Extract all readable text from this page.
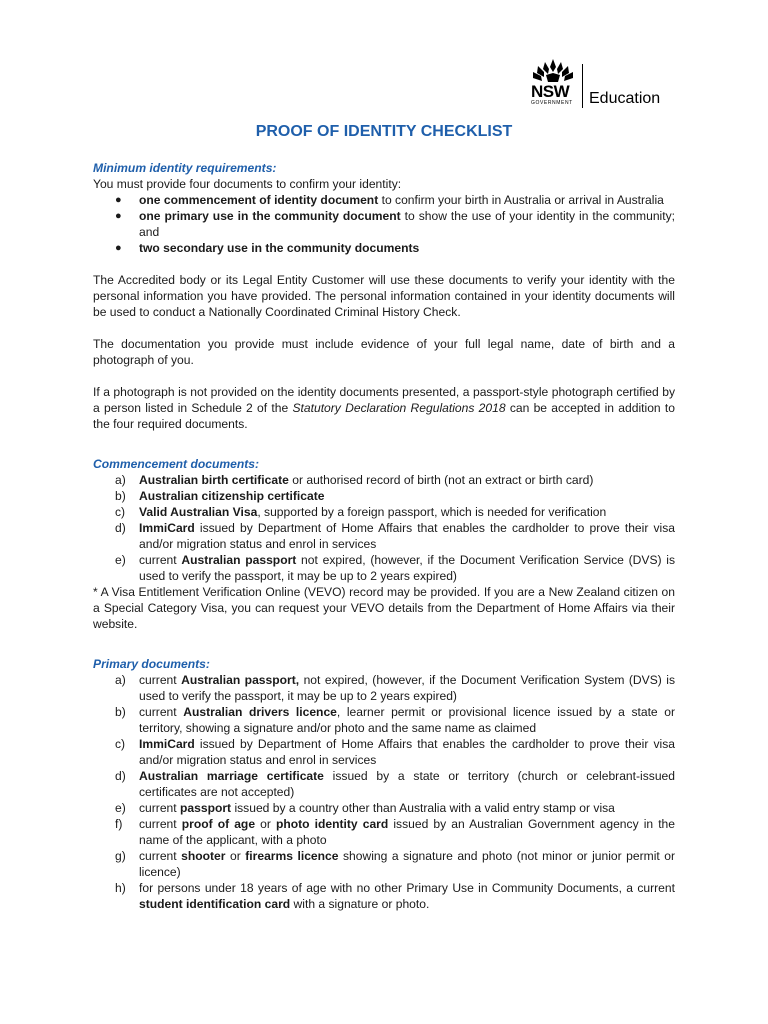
NSW
GOVERNMENT Education
PROOF OF IDENTITY CHECKLIST
Minimum identity requirements:

You must provide four documents to confirm your identity:

● one commencement of identity document to confirm your birth in Australia or arrival in Australia
● one primary use in the community document to show the use of your identity in the community; and
● two secondary use in the community documents

The Accredited body or its Legal Entity Customer will use these documents to verify your identity with the personal information you have provided. The personal information contained in your identity documents will be used to conduct a Nationally Coordinated Criminal History Check.

The documentation you provide must include evidence of your full legal name, date of birth and a photograph of you.

If a photograph is not provided on the identity documents presented, a passport-style photograph certified by a person listed in Schedule 2 of the Statutory Declaration Regulations 2018 can be accepted in addition to the four required documents.

Commencement documents:
a) Australian birth certificate or authorised record of birth (not an extract or birth card)
b) Australian citizenship certificate
c) Valid Australian Visa, supported by a foreign passport, which is needed for verification
d) ImmiCard issued by Department of Home Affairs that enables the cardholder to prove their visa and/or migration status and enrol in services
e) current Australian passport not expired, (however, if the Document Verification Service (DVS) is used to verify the passport, it may be up to 2 years expired)

* A Visa Entitlement Verification Online (VEVO) record may be provided. If you are a New Zealand citizen on a Special Category Visa, you can request your VEVO details from the Department of Home Affairs via their website.

Primary documents:
a) current Australian passport, not expired, (however, if the Document Verification System (DVS) is used to verify the passport, it may be up to 2 years expired)
b) current Australian drivers licence, learner permit or provisional licence issued by a state or territory, showing a signature and/or photo and the same name as claimed
c) ImmiCard issued by Department of Home Affairs that enables the cardholder to prove their visa and/or migration status and enrol in services
d) Australian marriage certificate issued by a state or territory (church or celebrant-issued certificates are not accepted)
e) current passport issued by a country other than Australia with a valid entry stamp or visa
f) current proof of age or photo identity card issued by an Australian Government agency in the name of the applicant, with a photo
g) current shooter or firearms licence showing a signature and photo (not minor or junior permit or licence)
h) for persons under 18 years of age with no other Primary Use in Community Documents, a current student identification card with a signature or photo.
